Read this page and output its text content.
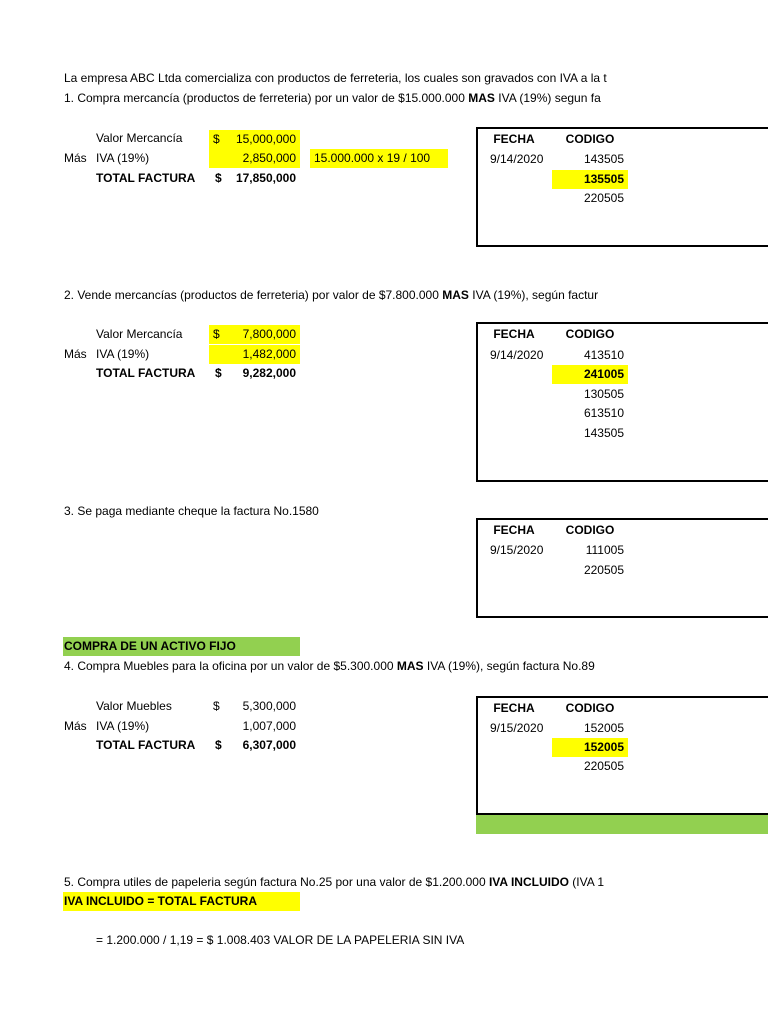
La empresa ABC Ltda comercializa con productos de ferreteria, los cuales son gravados con IVA a la t
1. Compra mercancía (productos de ferreteria) por un valor de $15.000.000 MAS IVA (19%) segun fa
Valor Mercancía	$ 15,000,000
Más IVA (19%)	2,850,000	15.000.000 x 19 / 100
TOTAL FACTURA $	17,850,000
FECHA	CODIGO
9/14/2020	143505
135505
220505
2. Vende mercancías (productos de ferreteria) por valor de $7.800.000 MAS IVA (19%), según factur
Valor Mercancía	$ 7,800,000
Más IVA (19%)	1,482,000
TOTAL FACTURA $	9,282,000
FECHA	CODIGO
9/14/2020	413510
241005
130505
613510
143505
3. Se paga mediante cheque la factura No.1580
FECHA	CODIGO
9/15/2020	111005
220505
COMPRA DE UN ACTIVO FIJO
4. Compra Muebles para la oficina por un valor de $5.300.000 MAS IVA (19%), según factura No.89
Valor Muebles	$	5,300,000
Más IVA (19%)	1,007,000
TOTAL FACTURA $	6,307,000
FECHA	CODIGO
9/15/2020	152005
152005
220505
5. Compra utiles de papeleria según factura No.25 por una valor de $1.200.000 IVA INCLUIDO (IVA 1
IVA INCLUIDO = TOTAL FACTURA
= 1.200.000 / 1,19 = $ 1.008.403 VALOR DE LA PAPELERIA SIN IVA
